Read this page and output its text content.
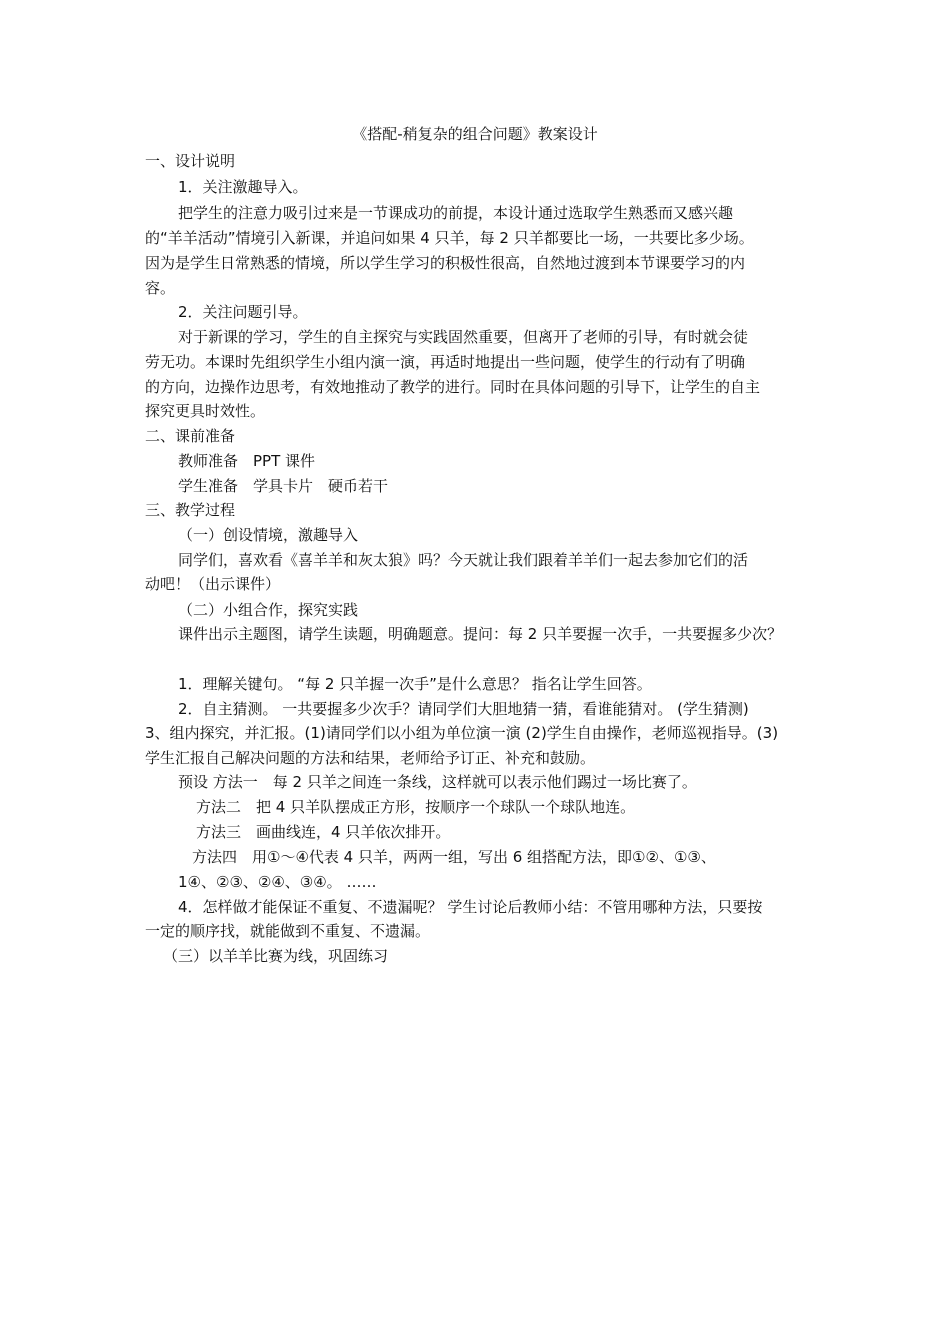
《搭配-稍复杂的组合问题》教案设计
一、设计说明
1．关注激趣导入。
把学生的注意力吸引过来是一节课成功的前提，本设计通过选取学生熟悉而又感兴趣
的“羊羊活动”情境引入新课，并追问如果 4 只羊，每 2 只羊都要比一场，一共要比多少场。
因为是学生日常熟悉的情境，所以学生学习的积极性很高，自然地过渡到本节课要学习的内
容。
2．关注问题引导。
对于新课的学习，学生的自主探究与实践固然重要，但离开了老师的引导，有时就会徒
劳无功。本课时先组织学生小组内演一演，再适时地提出一些问题，使学生的行动有了明确
的方向，边操作边思考，有效地推动了教学的进行。同时在具体问题的引导下，让学生的自主
探究更具时效性。
二、课前准备
教师准备　PPT 课件
学生准备　学具卡片　硬币若干
三、教学过程
（一）创设情境，激趣导入
同学们，喜欢看《喜羊羊和灰太狼》吗？今天就让我们跟着羊羊们一起去参加它们的活
动吧！（出示课件）
（二）小组合作，探究实践
课件出示主题图，请学生读题，明确题意。提问：每 2 只羊要握一次手，一共要握多少次？
1．理解关键句。 “每 2 只羊握一次手”是什么意思？ 指名让学生回答。
2．自主猜测。 一共要握多少次手？请同学们大胆地猜一猜，看谁能猜对。 (学生猜测)
3、组内探究，并汇报。(1)请同学们以小组为单位演一演 (2)学生自由操作，老师巡视指导。(3)
学生汇报自己解决问题的方法和结果，老师给予订正、补充和鼓励。
预设 方法一　每 2 只羊之间连一条线，这样就可以表示他们踢过一场比赛了。
方法二　把 4 只羊队摆成正方形，按顺序一个球队一个球队地连。
方法三　画曲线连，4 只羊依次排开。
方法四　用①～④代表 4 只羊，两两一组，写出 6 组搭配方法，即①②、①③、
1④、②③、②④、③④。 ……
4．怎样做才能保证不重复、不遗漏呢？ 学生讨论后教师小结：不管用哪种方法，只要按
一定的顺序找，就能做到不重复、不遗漏。
（三）以羊羊比赛为线，巩固练习
